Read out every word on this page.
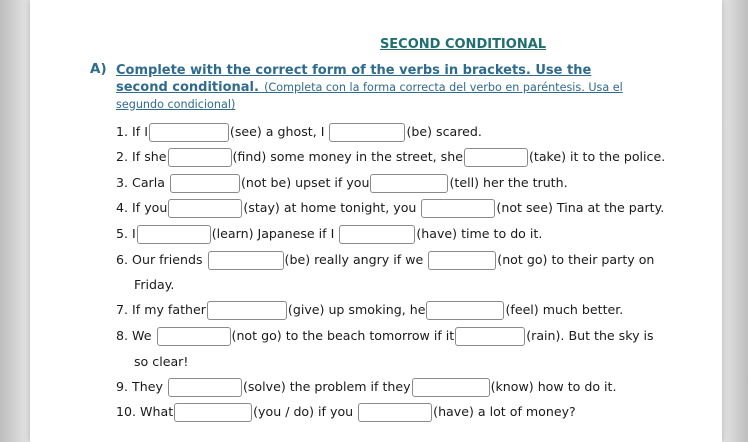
SECOND CONDITIONAL
A) Complete with the correct form of the verbs in brackets. Use the second conditional. (Completa con la forma correcta del verbo en paréntesis. Usa el segundo condicional)
1. If I	(see) a ghost, I	(be) scared.
2. If she	(find) some money in the street, she	(take) it to the police.
3. Carla	(not be) upset if you	(tell) her the truth.
4. If you	(stay) at home tonight, you	(not see) Tina at the party.
5. I	(learn) Japanese if I	(have) time to do it.
6. Our friends	(be) really angry if we	(not go) to their party on
Friday.
7. If my father	(give) up smoking, he	(feel) much better.
8. We	(not go) to the beach tomorrow if it	(rain). But the sky is
so clear!
9. They	(solve) the problem if they	(know) how to do it.
10. What	(you / do) if you	(have) a lot of money?
